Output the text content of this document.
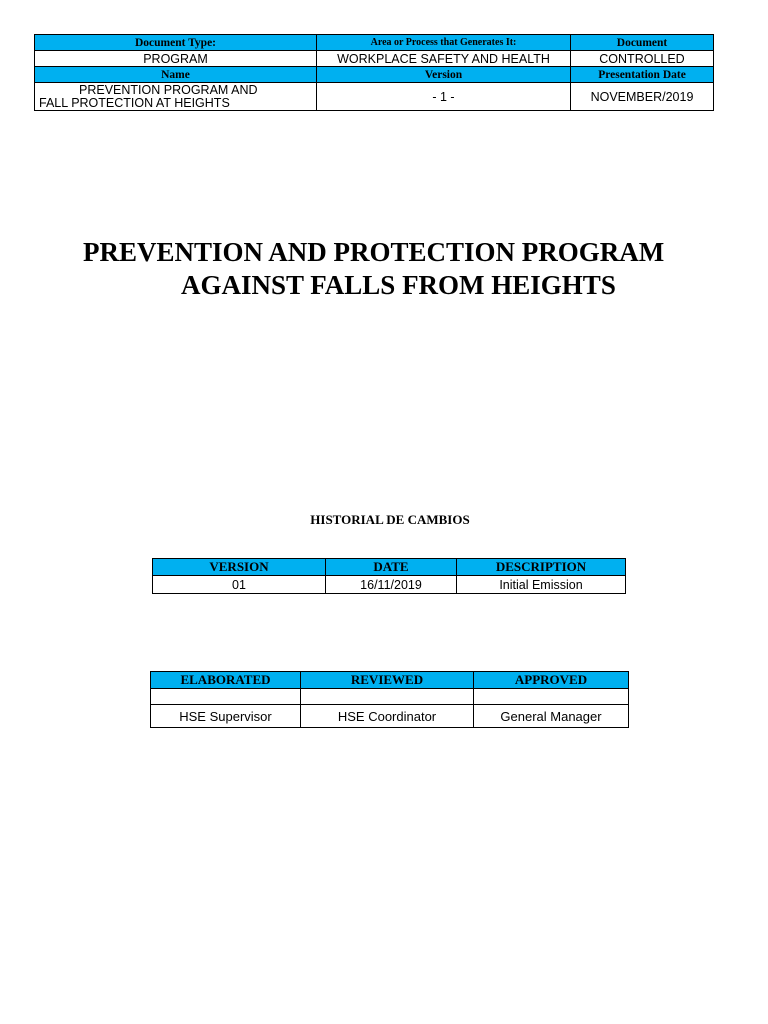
Document Type:	Area or Process that Generates It:	Document
PROGRAM	WORKPLACE SAFETY AND HEALTH	CONTROLLED
Name	Version	Presentation Date

PREVENTION PROGRAM AND
FALL PROTECTION AT HEIGHTS	- 1 -	NOVEMBER/2019
PREVENTION AND PROTECTION PROGRAM
AGAINST FALLS FROM HEIGHTS
HISTORIAL DE CAMBIOS
VERSION	DATE	DESCRIPTION
01	16/11/2019	Initial Emission
ELABORATED	REVIEWED	APPROVED

HSE Supervisor	HSE Coordinator	General Manager
